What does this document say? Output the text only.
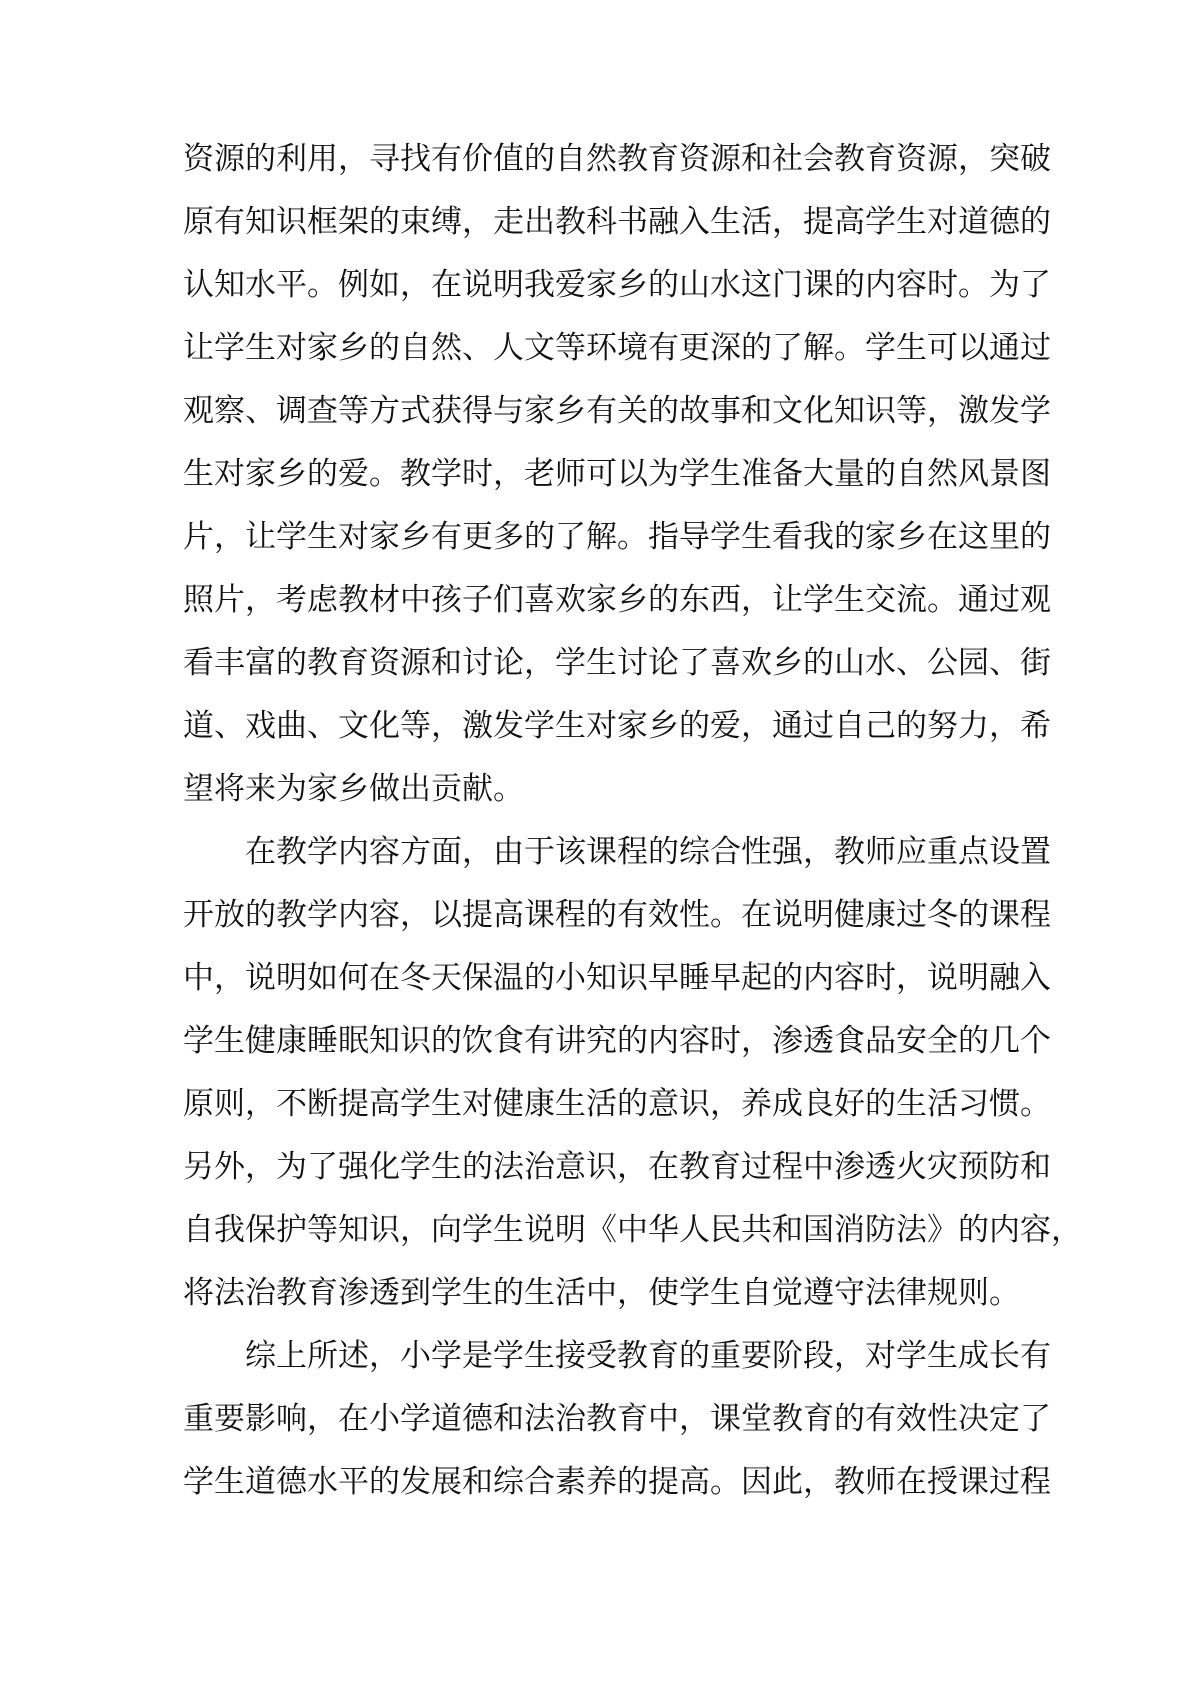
资源的利用，寻找有价值的自然教育资源和社会教育资源，突破
原有知识框架的束缚，走出教科书融入生活，提高学生对道德的
认知水平。例如，在说明我爱家乡的山水这门课的内容时。为了
让学生对家乡的自然、人文等环境有更深的了解。学生可以通过
观察、调查等方式获得与家乡有关的故事和文化知识等，激发学
生对家乡的爱。教学时，老师可以为学生准备大量的自然风景图
片，让学生对家乡有更多的了解。指导学生看我的家乡在这里的
照片，考虑教材中孩子们喜欢家乡的东西，让学生交流。通过观
看丰富的教育资源和讨论，学生讨论了喜欢乡的山水、公园、街
道、戏曲、文化等，激发学生对家乡的爱，通过自己的努力，希
望将来为家乡做出贡献。
在教学内容方面，由于该课程的综合性强，教师应重点设置
开放的教学内容，以提高课程的有效性。在说明健康过冬的课程
中，说明如何在冬天保温的小知识早睡早起的内容时，说明融入
学生健康睡眠知识的饮食有讲究的内容时，渗透食品安全的几个
原则，不断提高学生对健康生活的意识，养成良好的生活习惯。
另外，为了强化学生的法治意识，在教育过程中渗透火灾预防和
自我保护等知识，向学生说明《中华人民共和国消防法》的内容，
将法治教育渗透到学生的生活中，使学生自觉遵守法律规则。
综上所述，小学是学生接受教育的重要阶段，对学生成长有
重要影响，在小学道德和法治教育中，课堂教育的有效性决定了
学生道德水平的发展和综合素养的提高。因此，教师在授课过程
